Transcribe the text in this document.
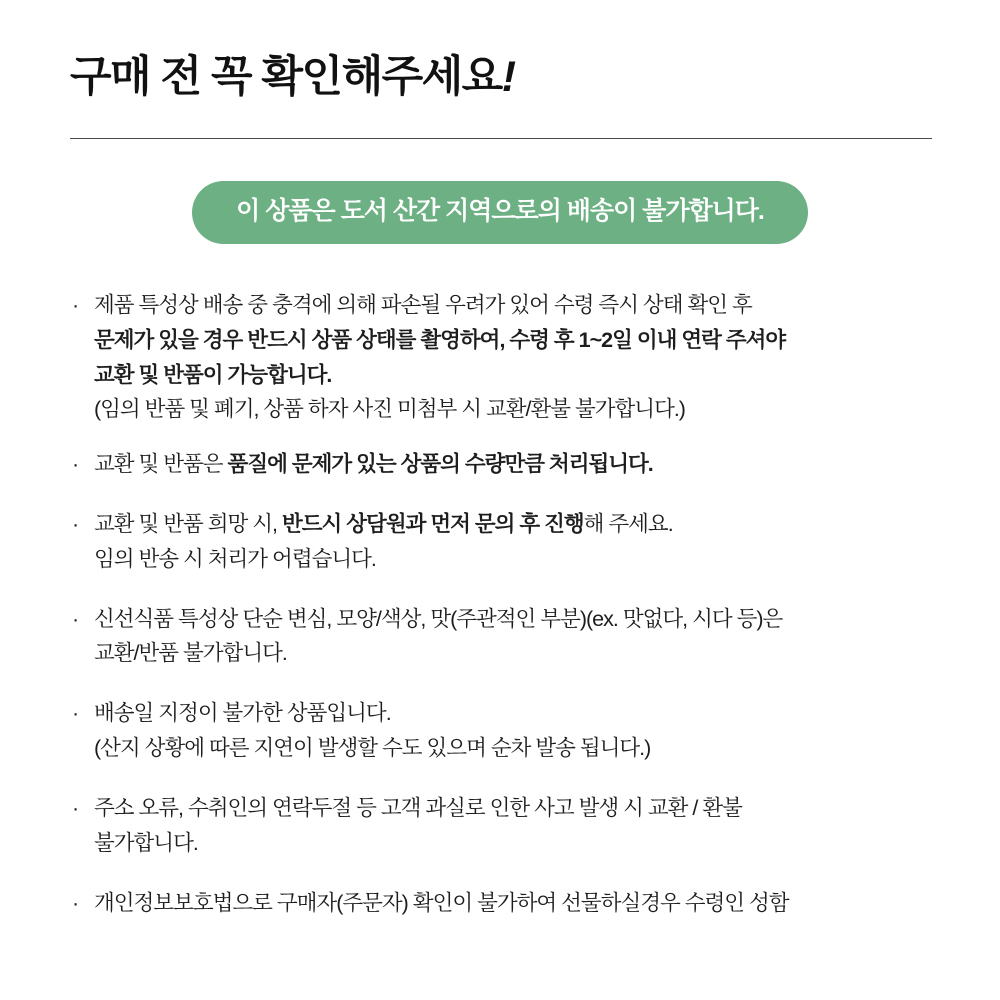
구매 전 꼭 확인해주세요!
이 상품은 도서 산간 지역으로의 배송이 불가합니다.
· 제품 특성상 배송 중 충격에 의해 파손될 우려가 있어 수령 즉시 상태 확인 후
문제가 있을 경우 반드시 상품 상태를 촬영하여, 수령 후 1~2일 이내 연락 주셔야
교환 및 반품이 가능합니다.
(임의 반품 및 폐기, 상품 하자 사진 미첨부 시 교환/환불 불가합니다.)
· 교환 및 반품은 품질에 문제가 있는 상품의 수량만큼 처리됩니다.
· 교환 및 반품 희망 시, 반드시 상담원과 먼저 문의 후 진행해 주세요.
임의 반송 시 처리가 어렵습니다.
· 신선식품 특성상 단순 변심, 모양/색상, 맛(주관적인 부분)(ex. 맛없다, 시다 등)은
교환/반품 불가합니다.
· 배송일 지정이 불가한 상품입니다.
(산지 상황에 따른 지연이 발생할 수도 있으며 순차 발송 됩니다.)
· 주소 오류, 수취인의 연락두절 등 고객 과실로 인한 사고 발생 시 교환 / 환불
불가합니다.
· 개인정보보호법으로 구매자(주문자) 확인이 불가하여 선물하실경우 수령인 성함
